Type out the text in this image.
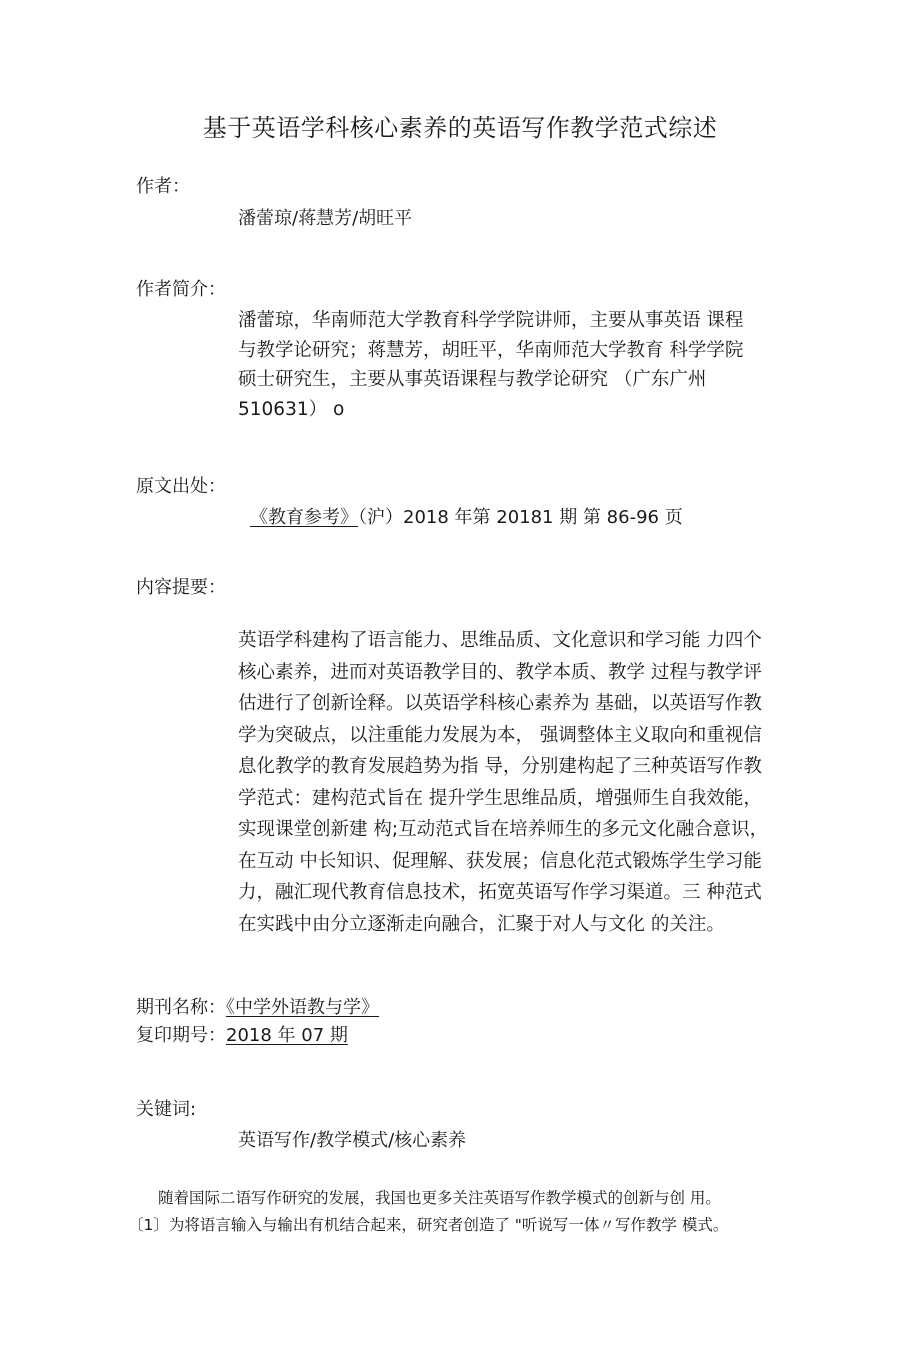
基于英语学科核心素养的英语写作教学范式综述
作者：
潘蕾琼/蒋慧芳/胡旺平
作者简介：
潘蕾琼，华南师范大学教育科学学院讲师，主要从事英语 课程
与教学论研究；蒋慧芳，胡旺平，华南师范大学教育 科学学院
硕士研究生，主要从事英语课程与教学论研究 （广东广州
510631） o
原文出处：
《教育参考》（沪）2018 年第 20181 期 第 86-96 页
内容提要：
英语学科建构了语言能力、思维品质、文化意识和学习能 力四个
核心素养，进而对英语教学目的、教学本质、教学 过程与教学评
估进行了创新诠释。以英语学科核心素养为 基础，以英语写作教
学为突破点，以注重能力发展为本， 强调整体主义取向和重视信
息化教学的教育发展趋势为指 导，分别建构起了三种英语写作教
学范式：建构范式旨在 提升学生思维品质，增强师生自我效能，
实现课堂创新建 构;互动范式旨在培养师生的多元文化融合意识，
在互动 中长知识、促理解、获发展；信息化范式锻炼学生学习能
力，融汇现代教育信息技术，拓宽英语写作学习渠道。三 种范式
在实践中由分立逐渐走向融合，汇聚于对人与文化 的关注。
期刊名称：《中学外语教与学》
复印期号：2018 年 07 期
关键词:
英语写作/教学模式/核心素养
随着国际二语写作研究的发展，我国也更多关注英语写作教学模式的创新与创 用。
〔1〕为将语言输入与输出有机结合起来，研究者创造了 "听说写一体〃写作教学 模式。
